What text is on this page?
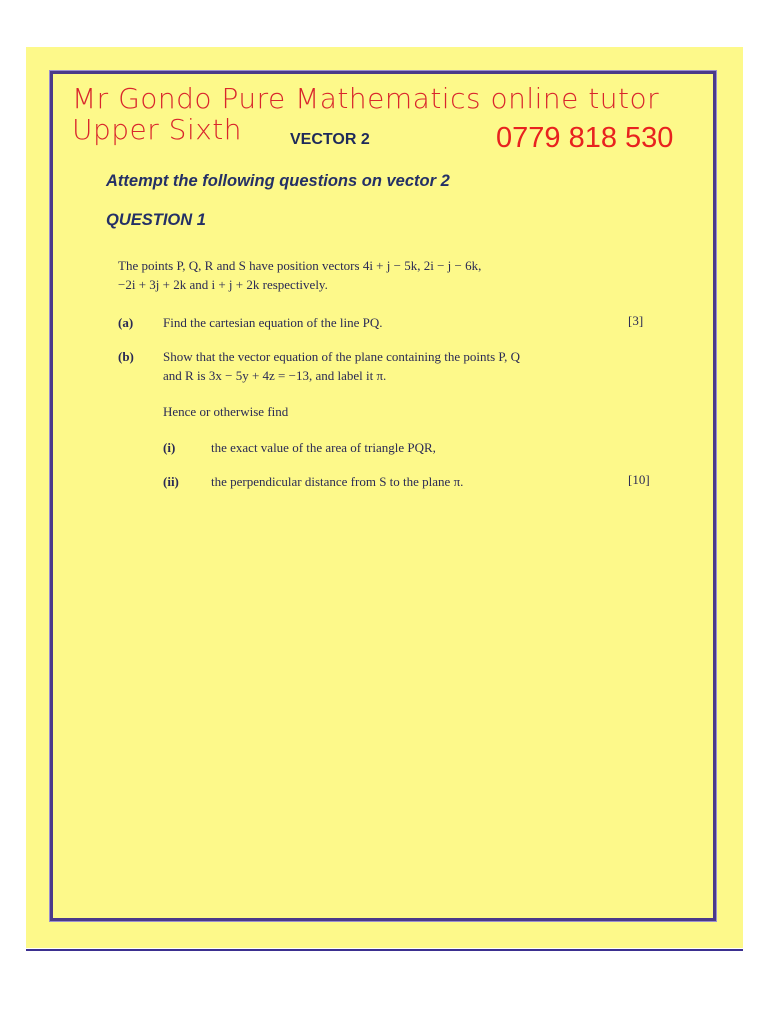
Mr Gondo Pure Mathematics online tutor
Upper Sixth	VECTOR 2	0779 818 530
Attempt the following questions on vector 2
QUESTION 1
The points P, Q, R and S have position vectors 4i + j − 5k, 2i − j − 6k,
−2i + 3j + 2k and i + j + 2k respectively.
(a) Find the cartesian equation of the line PQ.	[3]
(b) Show that the vector equation of the plane containing the points P, Q
and R is 3x − 5y + 4z = −13, and label it π.
Hence or otherwise find
(i)	the exact value of the area of triangle PQR,
(ii) the perpendicular distance from S to the plane π.	[10]
